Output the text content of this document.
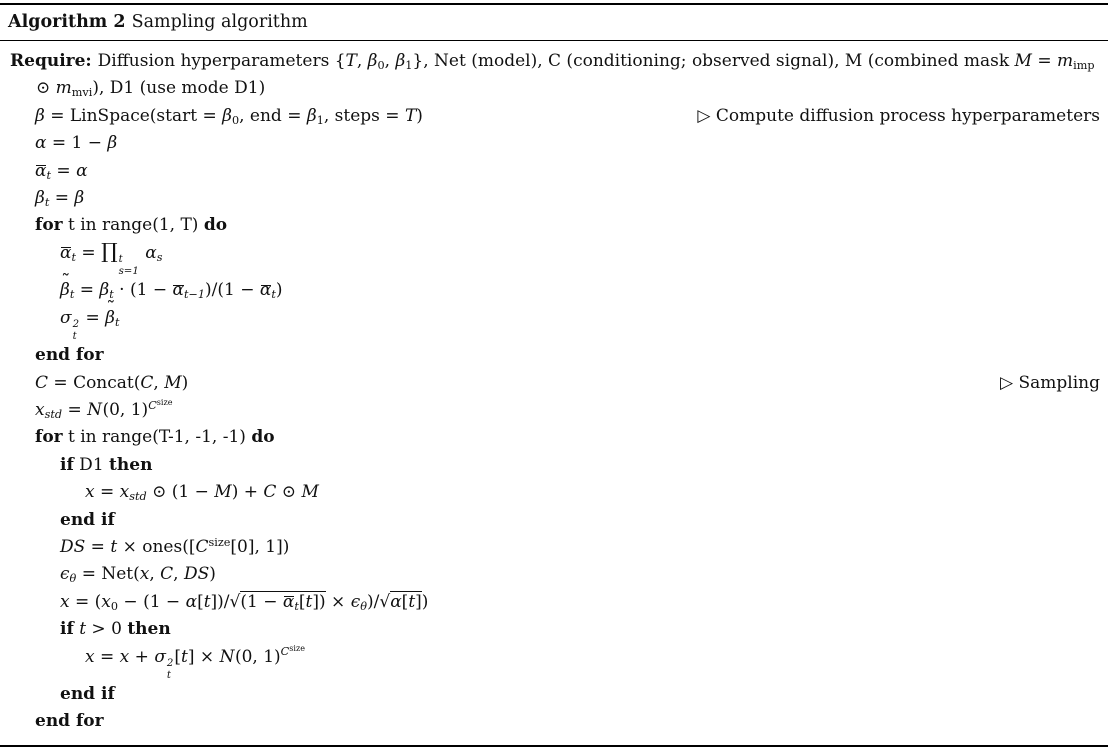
Algorithm 2 Sampling algorithm
Require: Diffusion hyperparameters {T, $\beta_0$, $\beta_1$}, Net (model), C (conditioning; observed signal), M (combined mask $M = m_{imp}$ ⊙ $m_{mvi}$), D1 (use mode D1)
β = LinSpace(start = $\beta_0$, end = $\beta_1$, steps = T)	▷ Compute diffusion process hyperparameters
α = 1 − β
$\alpha_t = \alpha$
$\beta_t = \beta$
for t in range(1, T) do
$\alpha_t$ = ∏ t
s=1
$\alpha_s$
β $˜_t = \beta_t \cdot (1 - \alpha_{t-1})/(1 - \alpha_t)$
σ 2
t
= β $˜_t$
end for
C = Concat(C, M)	▷ Sampling
$x_{std} = N(0$, 1)$^{C^{size}}$
for t in range(T-1, -1, -1) do
if D1 then
$x = x_{std}$ ⊙ (1 − M) + C ⊙ M
end if
DS = $t \times ones([C^{size}[0]$, 1])
$\epsilon_\theta = Net(x$, C, DS)
$x = (x_0 - (1 - \alpha[t])/√(1 - \alpha_t[t]) \times \epsilon_\theta)/√\alpha[t]$)
if t > 0 then
x = x + σ 2
t
[t] × N(0, 1)$^{C^{size}}$
end if
end for
